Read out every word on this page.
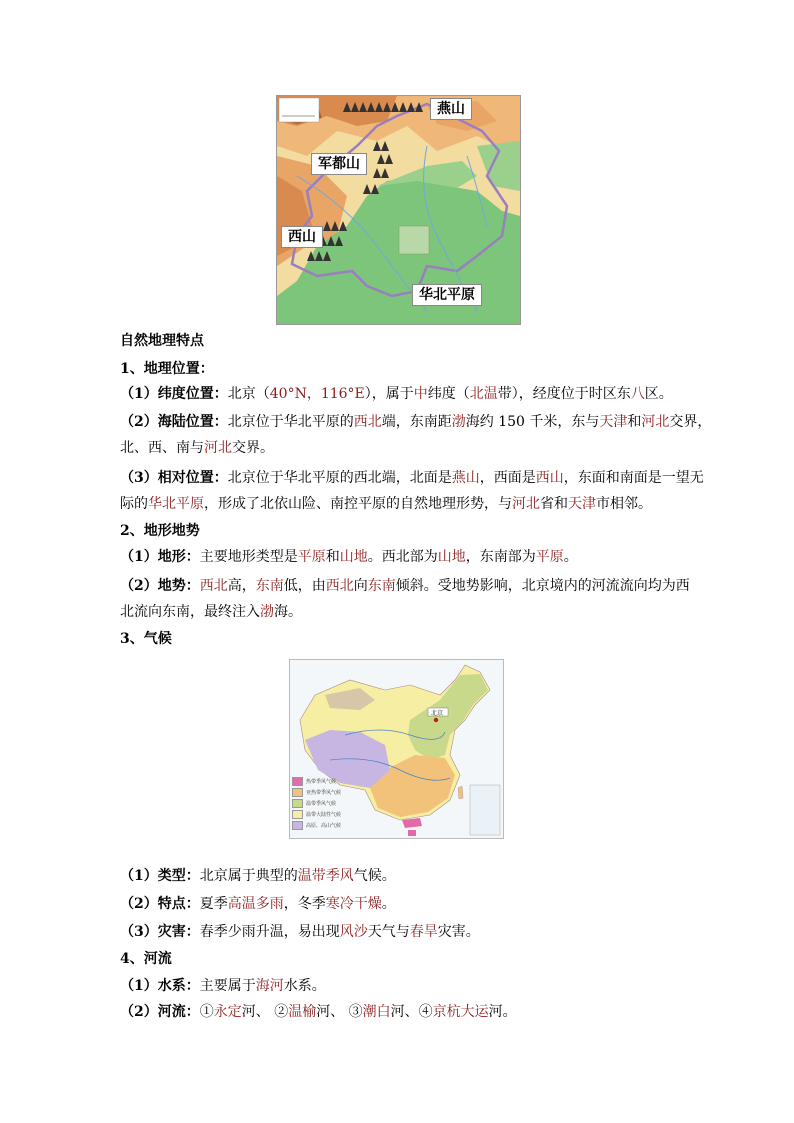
燕山
军都山
西山
华北平原
自然地理特点
1、地理位置：
（1）纬度位置：北京（40°N，116°E），属于中纬度（北温带），经度位于时区东八区。
（2）海陆位置：北京位于华北平原的西北端，东南距渤海约 150 千米，东与天津和河北交界，
北、西、南与河北交界。
（3）相对位置：北京位于华北平原的西北端，北面是燕山，西面是西山，东面和南面是一望无
际的华北平原，形成了北依山险、南控平原的自然地理形势，与河北省和天津市相邻。
2、地形地势
（1）地形：主要地形类型是平原和山地。西北部为山地，东南部为平原。
（2）地势：西北高，东南低，由西北向东南倾斜。受地势影响，北京境内的河流流向均为西
北流向东南，最终注入渤海。
3、气候
北京
热带季风气候
亚热带季风气候
温带季风气候
温带大陆性气候
高原、高山气候
（1）类型：北京属于典型的温带季风气候。
（2）特点：夏季高温多雨，冬季寒冷干燥。
（3）灾害：春季少雨升温，易出现风沙天气与春旱灾害。
4、河流
（1）水系：主要属于海河水系。
（2）河流：①永定河、 ②温榆河、 ③潮白河、④京杭大运河。
